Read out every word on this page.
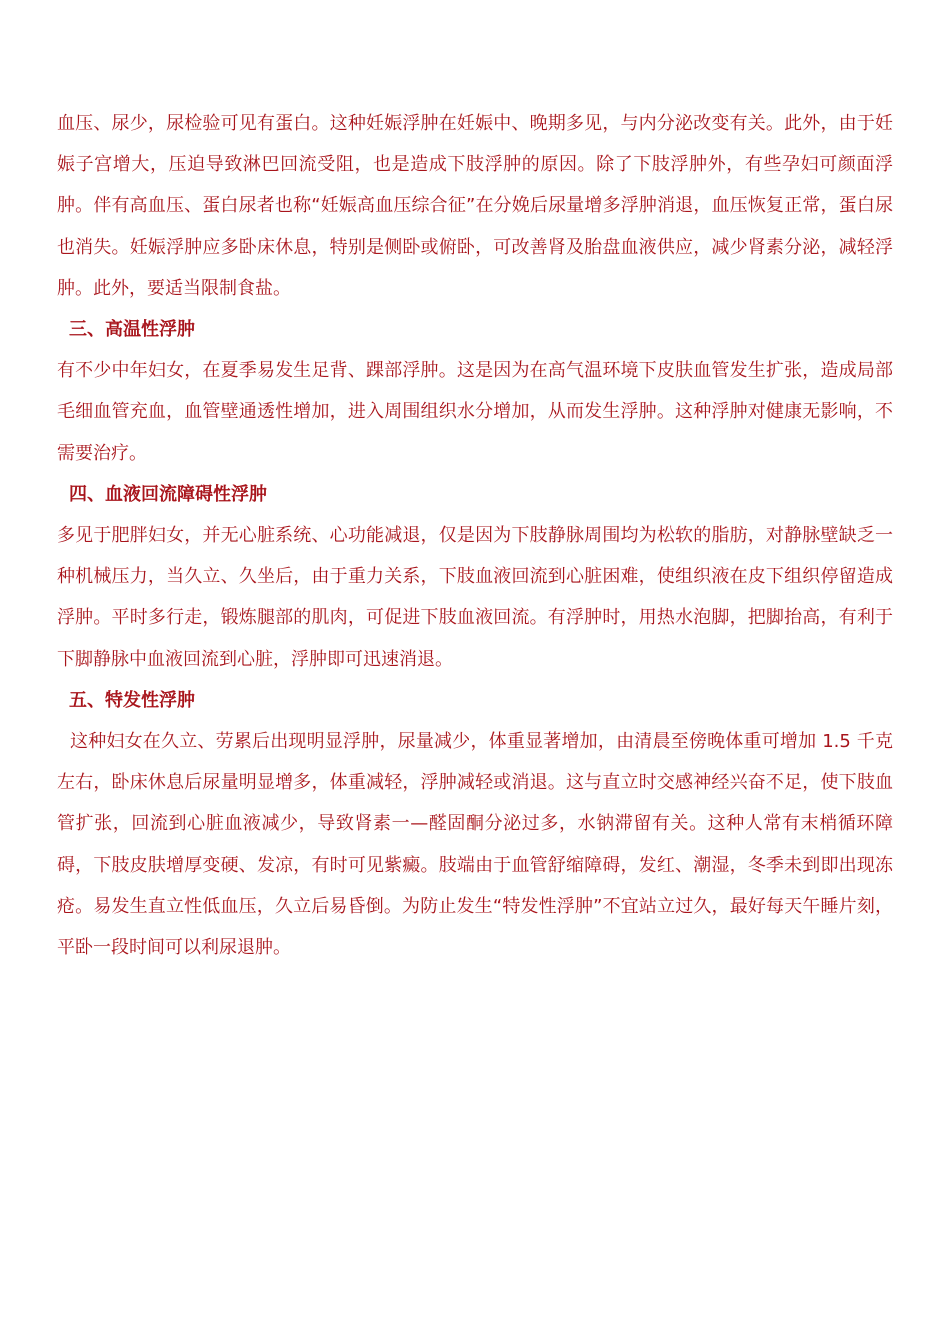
血压、尿少，尿检验可见有蛋白。这种妊娠浮肿在妊娠中、晚期多见，与内分泌改变有关。此外，由于妊娠子宫增大，压迫导致淋巴回流受阻，也是造成下肢浮肿的原因。除了下肢浮肿外，有些孕妇可颜面浮肿。伴有高血压、蛋白尿者也称“妊娠高血压综合征”在分娩后尿量增多浮肿消退，血压恢复正常，蛋白尿也消失。妊娠浮肿应多卧床休息，特别是侧卧或俯卧，可改善肾及胎盘血液供应，减少肾素分泌，减轻浮肿。此外，要适当限制食盐。

三、高温性浮肿

有不少中年妇女，在夏季易发生足背、踝部浮肿。这是因为在高气温环境下皮肤血管发生扩张，造成局部毛细血管充血，血管壁通透性增加，进入周围组织水分增加，从而发生浮肿。这种浮肿对健康无影响，不需要治疗。

四、血液回流障碍性浮肿

多见于肥胖妇女，并无心脏系统、心功能减退，仅是因为下肢静脉周围均为松软的脂肪，对静脉壁缺乏一种机械压力，当久立、久坐后，由于重力关系，下肢血液回流到心脏困难，使组织液在皮下组织停留造成浮肿。平时多行走，锻炼腿部的肌肉，可促进下肢血液回流。有浮肿时，用热水泡脚，把脚抬高，有利于下脚静脉中血液回流到心脏，浮肿即可迅速消退。

五、特发性浮肿

这种妇女在久立、劳累后出现明显浮肿，尿量减少，体重显著增加，由清晨至傍晚体重可增加 1.5 千克左右，卧床休息后尿量明显增多，体重减轻，浮肿减轻或消退。这与直立时交感神经兴奋不足，使下肢血管扩张，回流到心脏血液减少，导致肾素一—醛固酮分泌过多，水钠滞留有关。这种人常有末梢循环障碍，下肢皮肤增厚变硬、发凉，有时可见紫癜。肢端由于血管舒缩障碍，发红、潮湿，冬季未到即出现冻疮。易发生直立性低血压，久立后易昏倒。为防止发生“特发性浮肿”不宜站立过久，最好每天午睡片刻，平卧一段时间可以利尿退肿。
